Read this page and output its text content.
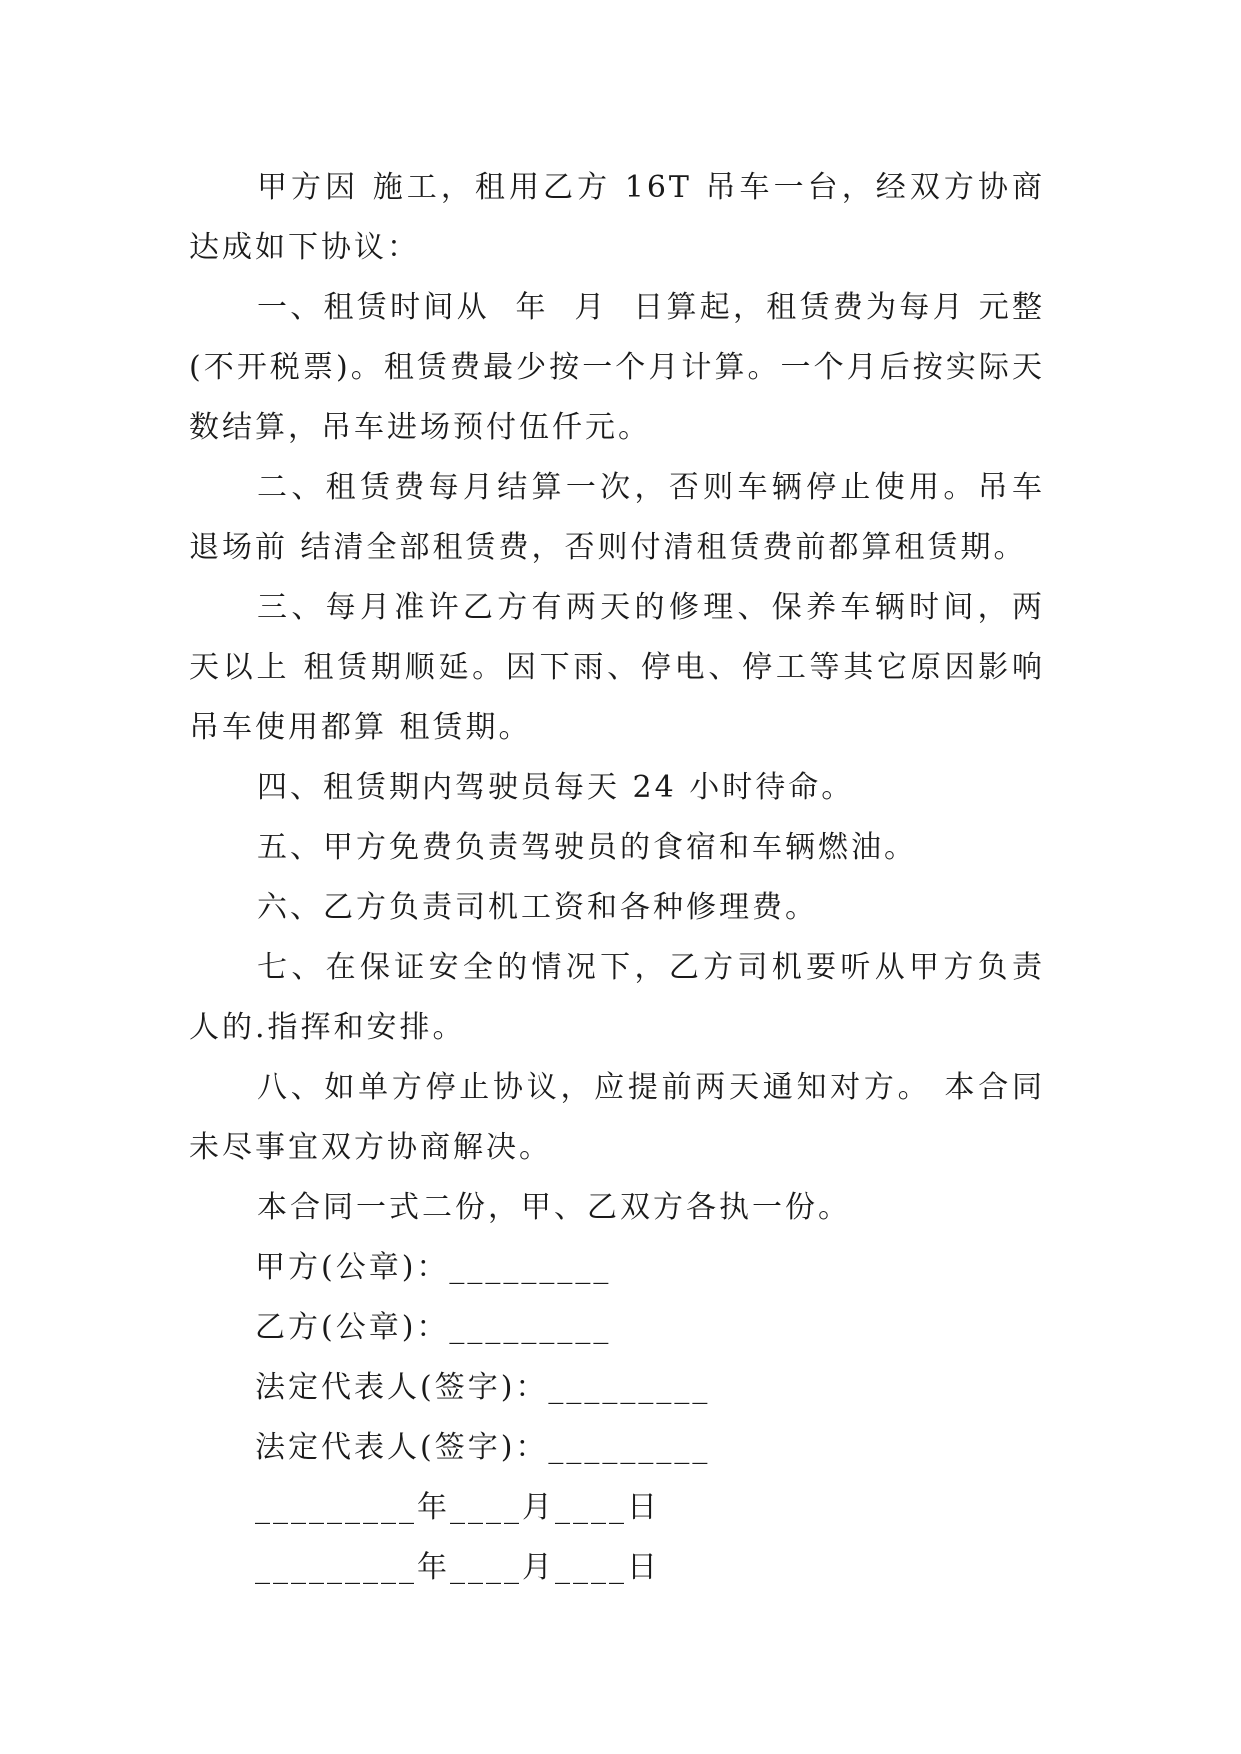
甲方因 施工，租用乙方 16T 吊车一台，经双方协商达成如下协议：

一、租赁时间从  年  月  日算起，租赁费为每月 元整(不开税票)。租赁费最少按一个月计算。一个月后按实际天数结算，吊车进场预付伍仟元。

二、租赁费每月结算一次，否则车辆停止使用。吊车退场前 结清全部租赁费，否则付清租赁费前都算租赁期。

三、每月准许乙方有两天的修理、保养车辆时间，两天以上 租赁期顺延。因下雨、停电、停工等其它原因影响吊车使用都算 租赁期。

四、租赁期内驾驶员每天 24 小时待命。

五、甲方免费负责驾驶员的食宿和车辆燃油。

六、乙方负责司机工资和各种修理费。

七、在保证安全的情况下，乙方司机要听从甲方负责人的.指挥和安排。

八、如单方停止协议，应提前两天通知对方。 本合同未尽事宜双方协商解决。

本合同一式二份，甲、乙双方各执一份。

甲方(公章)：_________
乙方(公章)：_________
法定代表人(签字)：_________
法定代表人(签字)：_________
_________年____月____日
_________年____月____日
